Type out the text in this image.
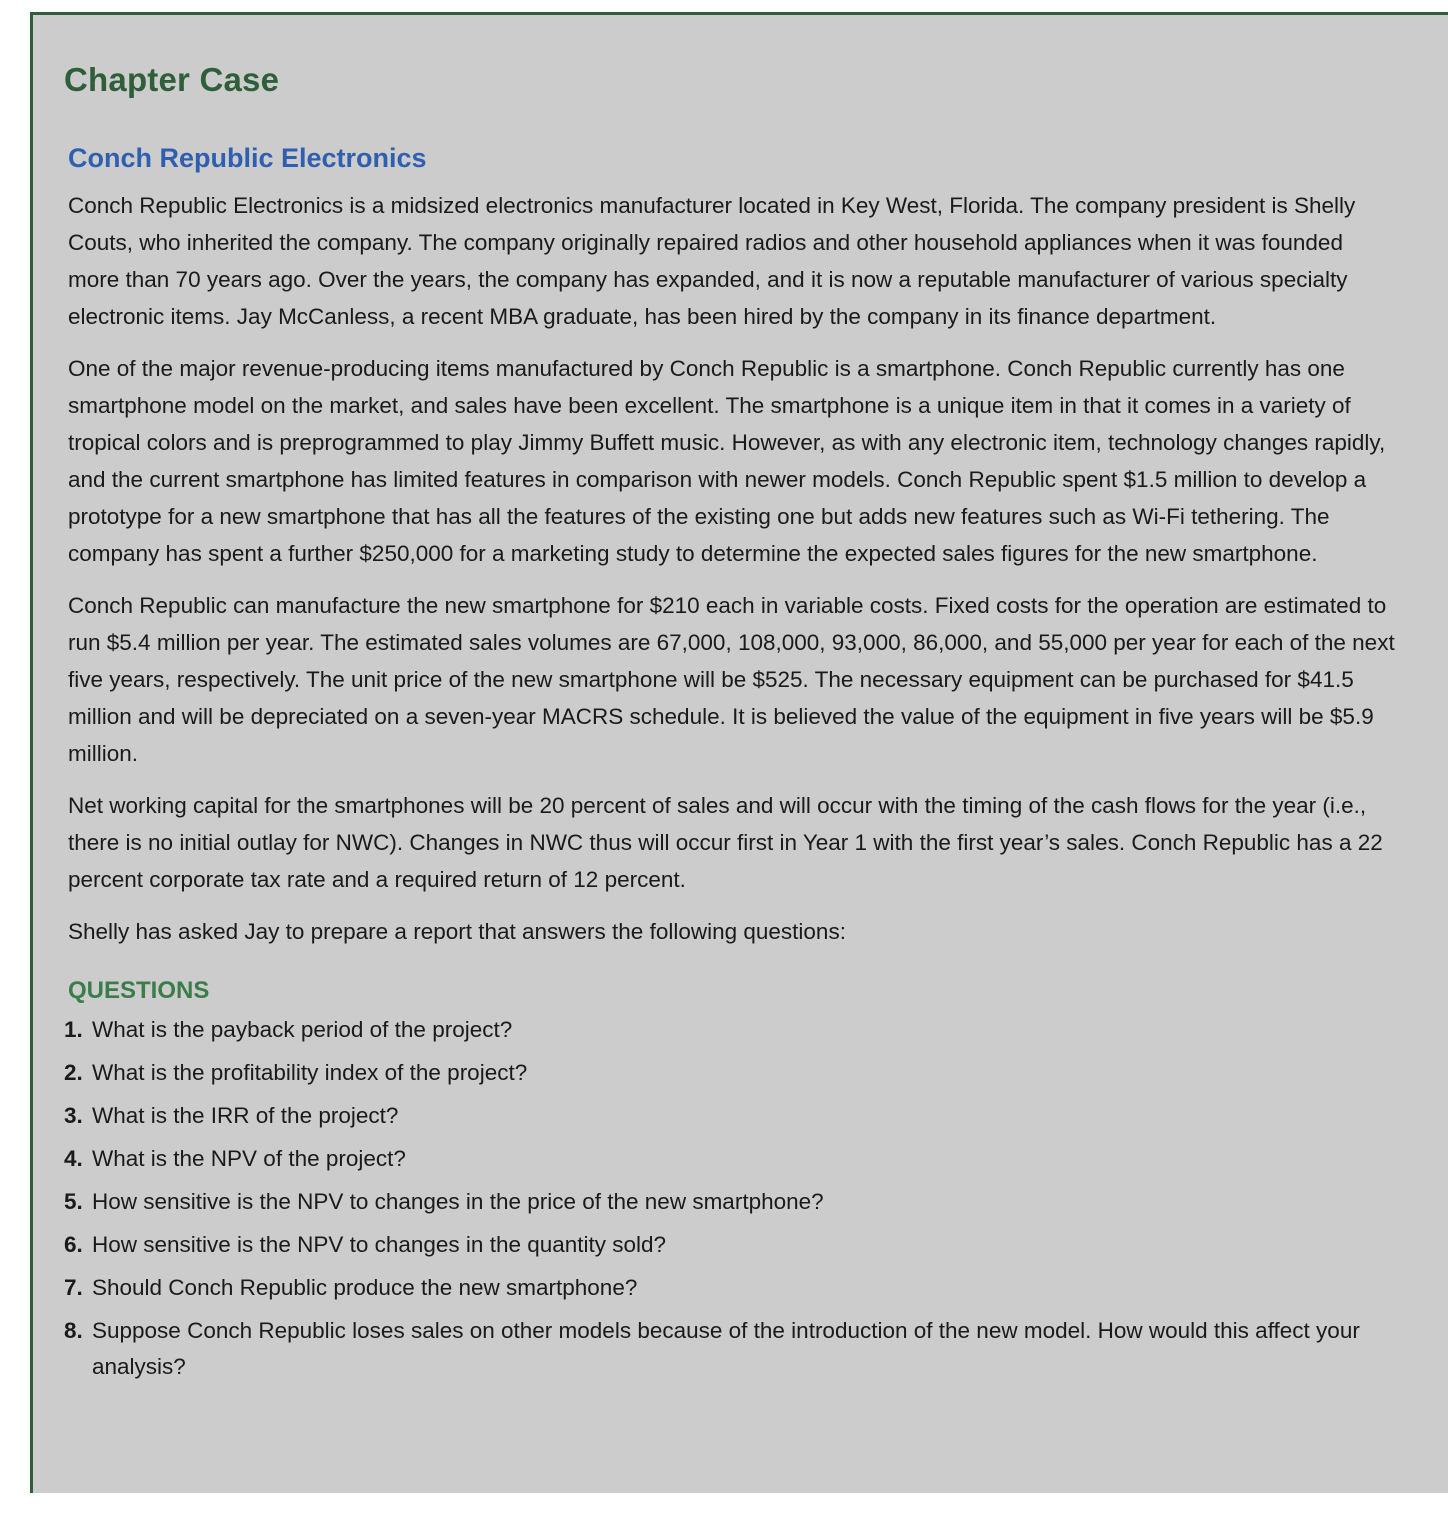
Chapter Case
Conch Republic Electronics

Conch Republic Electronics is a midsized electronics manufacturer located in Key West, Florida. The company president is Shelly Couts, who inherited the company. The company originally repaired radios and other household appliances when it was founded more than 70 years ago. Over the years, the company has expanded, and it is now a reputable manufacturer of various specialty electronic items. Jay McCanless, a recent MBA graduate, has been hired by the company in its finance department.

One of the major revenue-producing items manufactured by Conch Republic is a smartphone. Conch Republic currently has one smartphone model on the market, and sales have been excellent. The smartphone is a unique item in that it comes in a variety of tropical colors and is preprogrammed to play Jimmy Buffett music. However, as with any electronic item, technology changes rapidly, and the current smartphone has limited features in comparison with newer models. Conch Republic spent $1.5 million to develop a prototype for a new smartphone that has all the features of the existing one but adds new features such as Wi-Fi tethering. The company has spent a further $250,000 for a marketing study to determine the expected sales figures for the new smartphone.

Conch Republic can manufacture the new smartphone for $210 each in variable costs. Fixed costs for the operation are estimated to run $5.4 million per year. The estimated sales volumes are 67,000, 108,000, 93,000, 86,000, and 55,000 per year for each of the next five years, respectively. The unit price of the new smartphone will be $525. The necessary equipment can be purchased for $41.5 million and will be depreciated on a seven-year MACRS schedule. It is believed the value of the equipment in five years will be $5.9 million.

Net working capital for the smartphones will be 20 percent of sales and will occur with the timing of the cash flows for the year (i.e., there is no initial outlay for NWC). Changes in NWC thus will occur first in Year 1 with the first year’s sales. Conch Republic has a 22 percent corporate tax rate and a required return of 12 percent.

Shelly has asked Jay to prepare a report that answers the following questions:

QUESTIONS
1. What is the payback period of the project?
2. What is the profitability index of the project?
3. What is the IRR of the project?
4. What is the NPV of the project?
5. How sensitive is the NPV to changes in the price of the new smartphone?
6. How sensitive is the NPV to changes in the quantity sold?
7. Should Conch Republic produce the new smartphone?
8. Suppose Conch Republic loses sales on other models because of the introduction of the new model. How would this affect your analysis?
